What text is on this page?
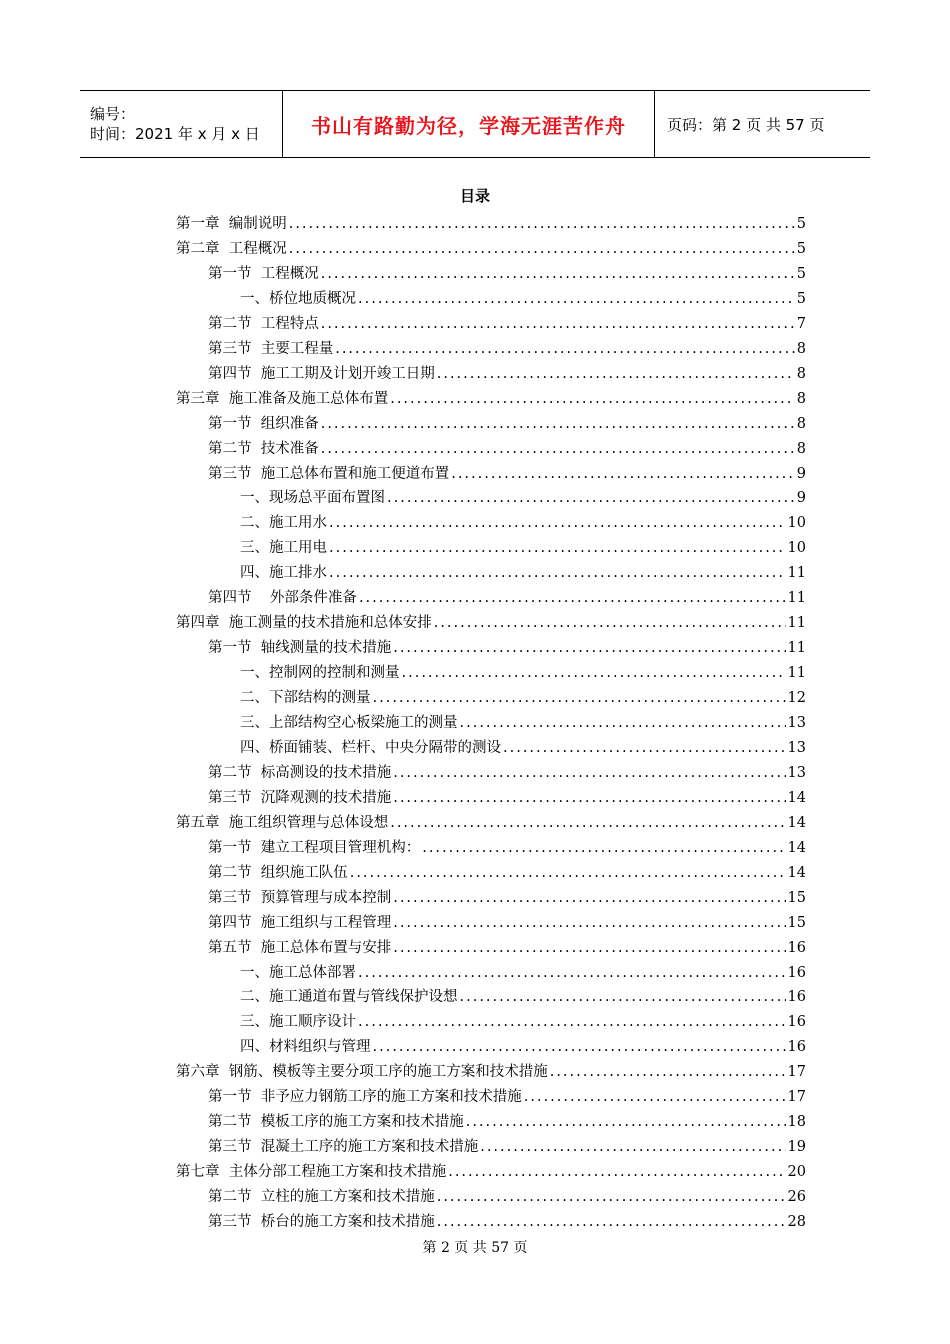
编号：
时间：2021 年 x 月 x 日	书山有路勤为径，学海无涯苦作舟	页码：第 2 页 共 57 页
目录
第一章  编制说明 .....	5
第二章  工程概况 .....	5
第一节  工程概况 .....	5
一、桥位地质概况 .....	5
第二节  工程特点 .....	7
第三节  主要工程量 .....	8
第四节  施工工期及计划开竣工日期 .....	8
第三章  施工准备及施工总体布置 .....	8
第一节  组织准备 .....	8
第二节  技术准备 .....	8
第三节  施工总体布置和施工便道布置 .....	9
一、现场总平面布置图 .....	9
二、施工用水 .....	10
三、施工用电 .....	10
四、施工排水 .....	11
第四节    外部条件准备 .....	11
第四章  施工测量的技术措施和总体安排 .....	11
第一节  轴线测量的技术措施 .....	11
一、控制网的控制和测量 .....	11
二、下部结构的测量 .....	12
三、上部结构空心板梁施工的测量 .....	13
四、桥面铺装、栏杆、中央分隔带的测设 .....	13
第二节  标高测设的技术措施 .....	13
第三节  沉降观测的技术措施 .....	14
第五章  施工组织管理与总体设想 .....	14
第一节  建立工程项目管理机构： .....	14
第二节  组织施工队伍 .....	14
第三节  预算管理与成本控制 .....	15
第四节  施工组织与工程管理 .....	15
第五节  施工总体布置与安排 .....	16
一、施工总体部署 .....	16
二、施工通道布置与管线保护设想 .....	16
三、施工顺序设计 .....	16
四、材料组织与管理 .....	16
第六章  钢筋、模板等主要分项工序的施工方案和技术措施 .....	17
第一节  非予应力钢筋工序的施工方案和技术措施 .....	17
第二节  模板工序的施工方案和技术措施 .....	18
第三节  混凝土工序的施工方案和技术措施 .....	19
第七章  主体分部工程施工方案和技术措施 .....	20
第二节  立柱的施工方案和技术措施 .....	26
第三节  桥台的施工方案和技术措施 .....	28
第 2 页 共 57 页
